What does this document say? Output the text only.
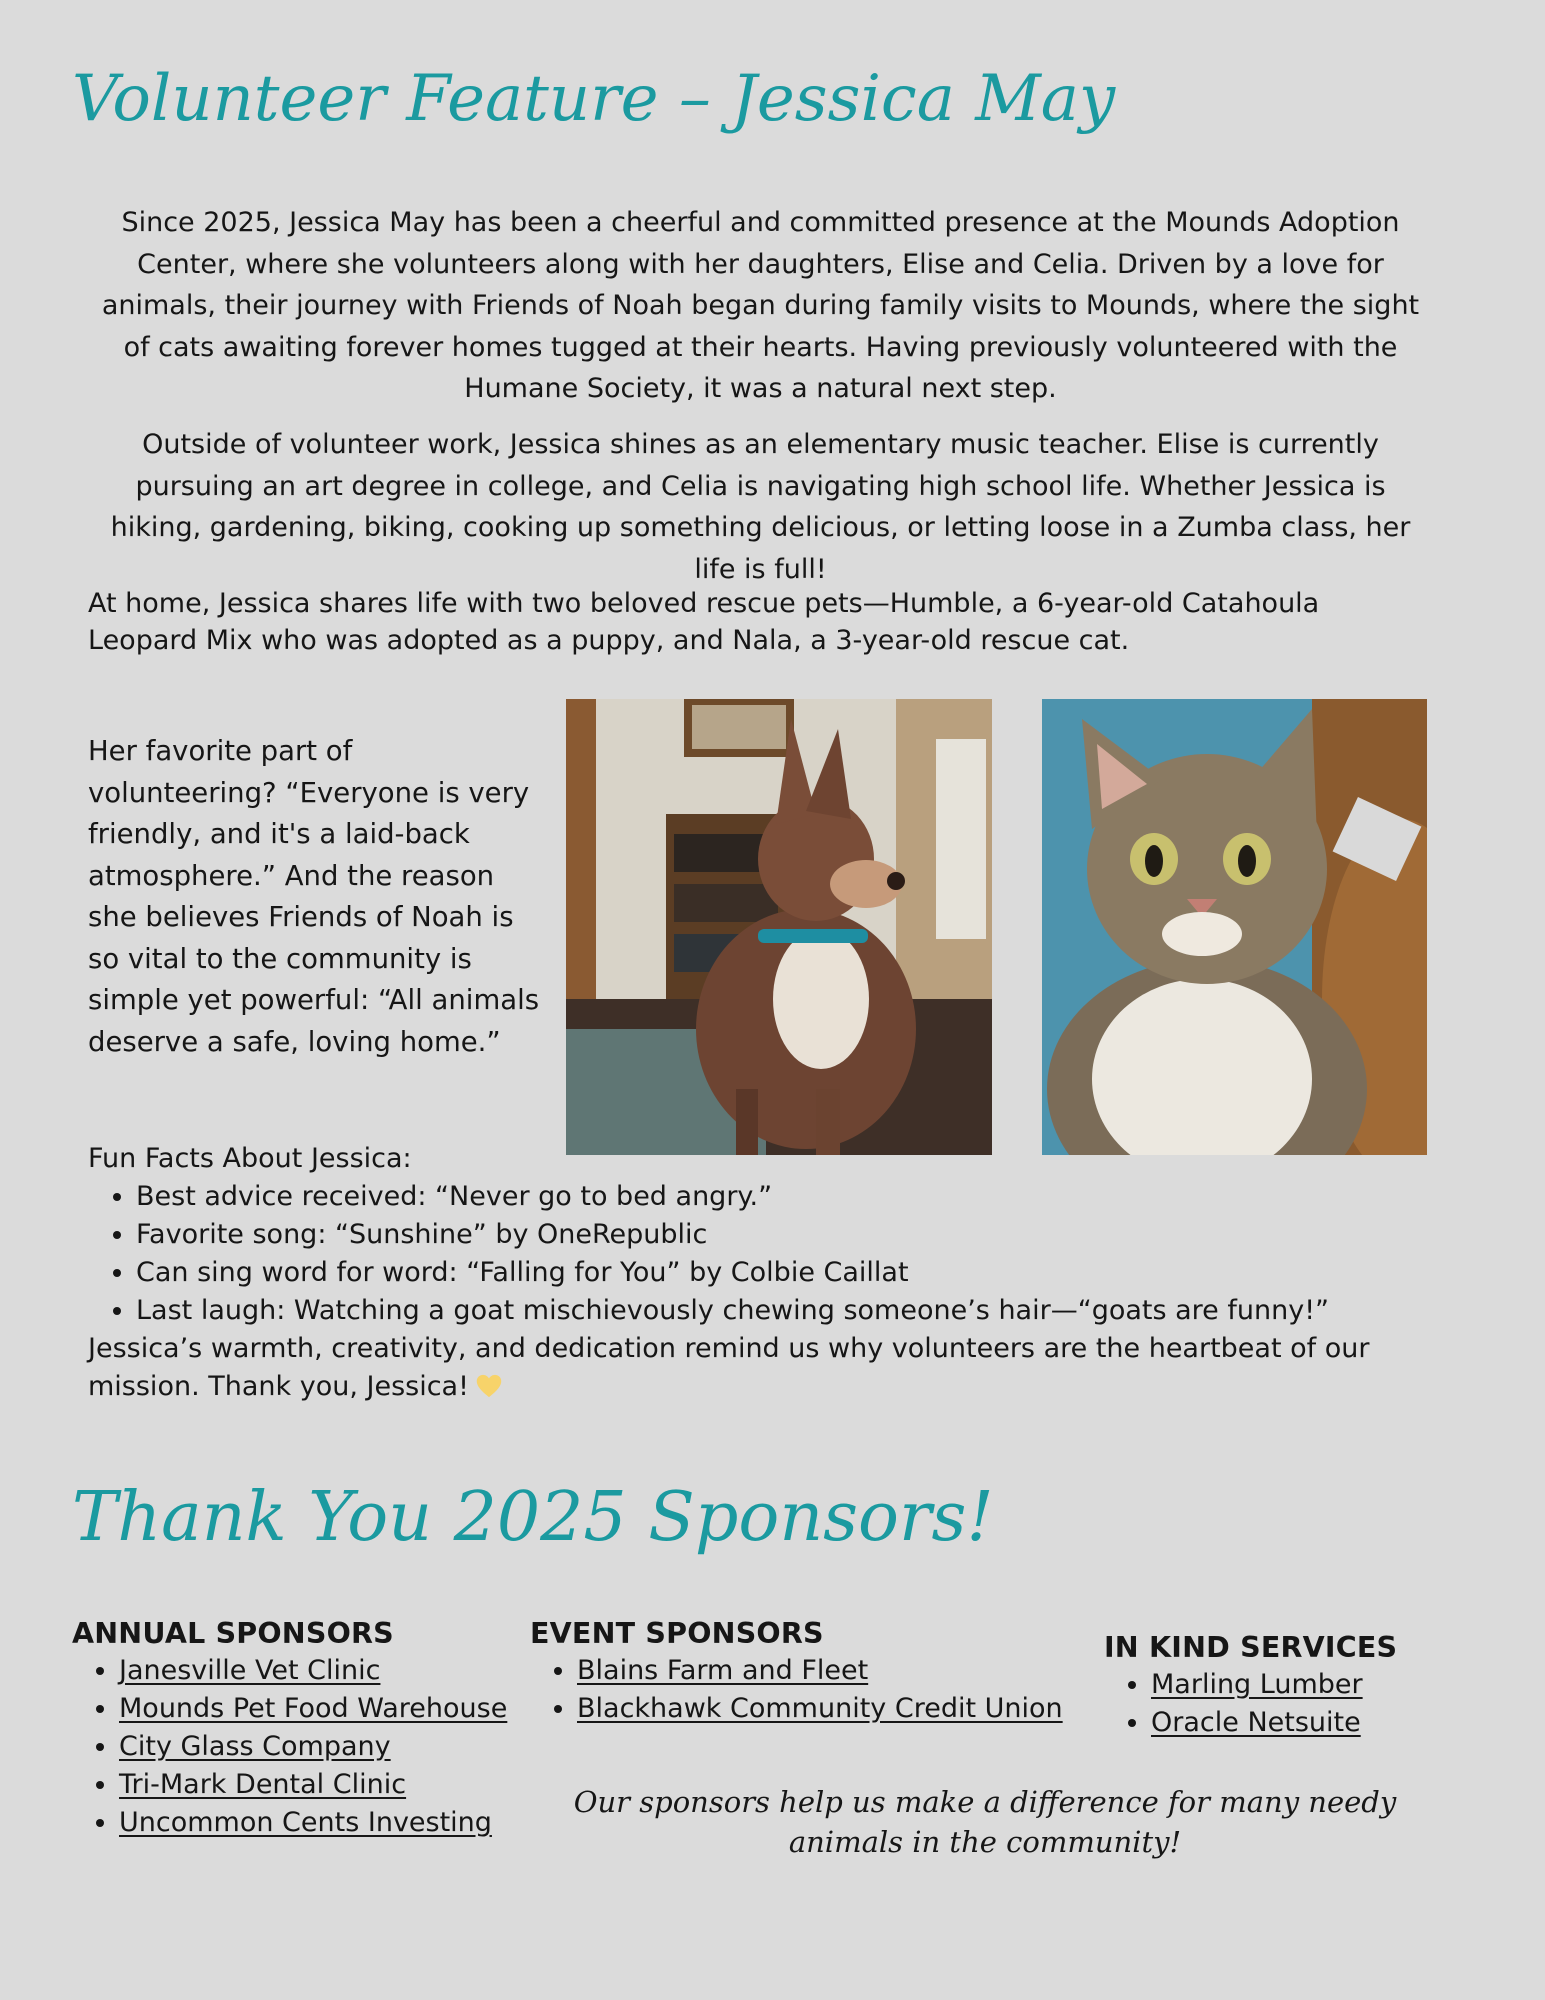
Volunteer Feature – Jessica May

Since 2025, Jessica May has been a cheerful and committed presence at the Mounds Adoption Center, where she volunteers along with her daughters, Elise and Celia. Driven by a love for animals, their journey with Friends of Noah began during family visits to Mounds, where the sight of cats awaiting forever homes tugged at their hearts. Having previously volunteered with the Humane Society, it was a natural next step.

Outside of volunteer work, Jessica shines as an elementary music teacher. Elise is currently pursuing an art degree in college, and Celia is navigating high school life. Whether Jessica is hiking, gardening, biking, cooking up something delicious, or letting loose in a Zumba class, her life is full!

At home, Jessica shares life with two beloved rescue pets—Humble, a 6-year-old Catahoula Leopard Mix who was adopted as a puppy, and Nala, a 3-year-old rescue cat.

Her favorite part of volunteering? “Everyone is very friendly, and it's a laid-back atmosphere.” And the reason she believes Friends of Noah is so vital to the community is simple yet powerful: “All animals deserve a safe, loving home.”

Fun Facts About Jessica:

• Best advice received: “Never go to bed angry.”
• Favorite song: “Sunshine” by OneRepublic
• Can sing word for word: “Falling for You” by Colbie Caillat
• Last laugh: Watching a goat mischievously chewing someone’s hair—“goats are funny!”

Jessica’s warmth, creativity, and dedication remind us why volunteers are the heartbeat of our mission. Thank you, Jessica!

Thank You 2025 Sponsors!
ANNUAL SPONSORS
• Janesville Vet Clinic
• Mounds Pet Food Warehouse
• City Glass Company
• Tri-Mark Dental Clinic
• Uncommon Cents Investing
EVENT SPONSORS
• Blains Farm and Fleet
• Blackhawk Community Credit Union
IN KIND SERVICES
• Marling Lumber
• Oracle Netsuite

Our sponsors help us make a difference for many needy animals in the community!
